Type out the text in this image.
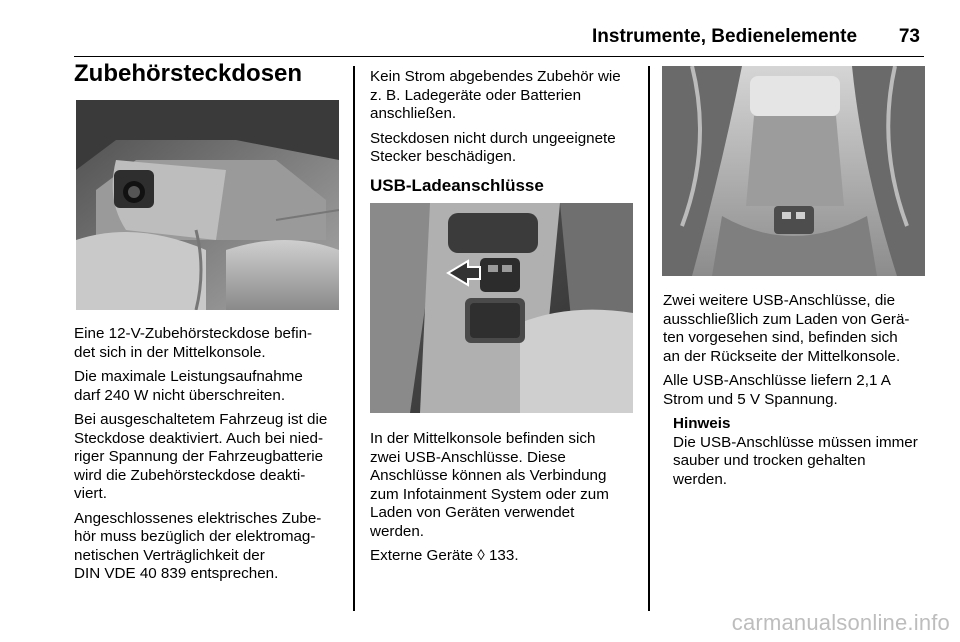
Instrumente, Bedienelemente 73
Zubehörsteckdosen

Eine 12-V-Zubehörsteckdose befin‑
det sich in der Mittelkonsole.

Die maximale Leistungsaufnahme
darf 240 W nicht überschreiten.

Bei ausgeschaltetem Fahrzeug ist die
Steckdose deaktiviert. Auch bei nied‑
riger Spannung der Fahrzeugbatterie
wird die Zubehörsteckdose deakti‑
viert.

Angeschlossenes elektrisches Zube‑
hör muss bezüglich der elektromag‑
netischen Verträglichkeit der
DIN VDE 40 839 entsprechen.

Kein Strom abgebendes Zubehör wie
z. B. Ladegeräte oder Batterien
anschließen.

Steckdosen nicht durch ungeeignete
Stecker beschädigen.

USB-Ladeanschlüsse

In der Mittelkonsole befinden sich
zwei USB-Anschlüsse. Diese
Anschlüsse können als Verbindung
zum Infotainment System oder zum
Laden von Geräten verwendet
werden.

Externe Geräte ◊ 133.

Zwei weitere USB-Anschlüsse, die
ausschließlich zum Laden von Gerä‑
ten vorgesehen sind, befinden sich
an der Rückseite der Mittelkonsole.

Alle USB-Anschlüsse liefern 2,1 A
Strom und 5 V Spannung.

Hinweis

Die USB-Anschlüsse müssen immer
sauber und trocken gehalten
werden.

carmanualsonline.info
